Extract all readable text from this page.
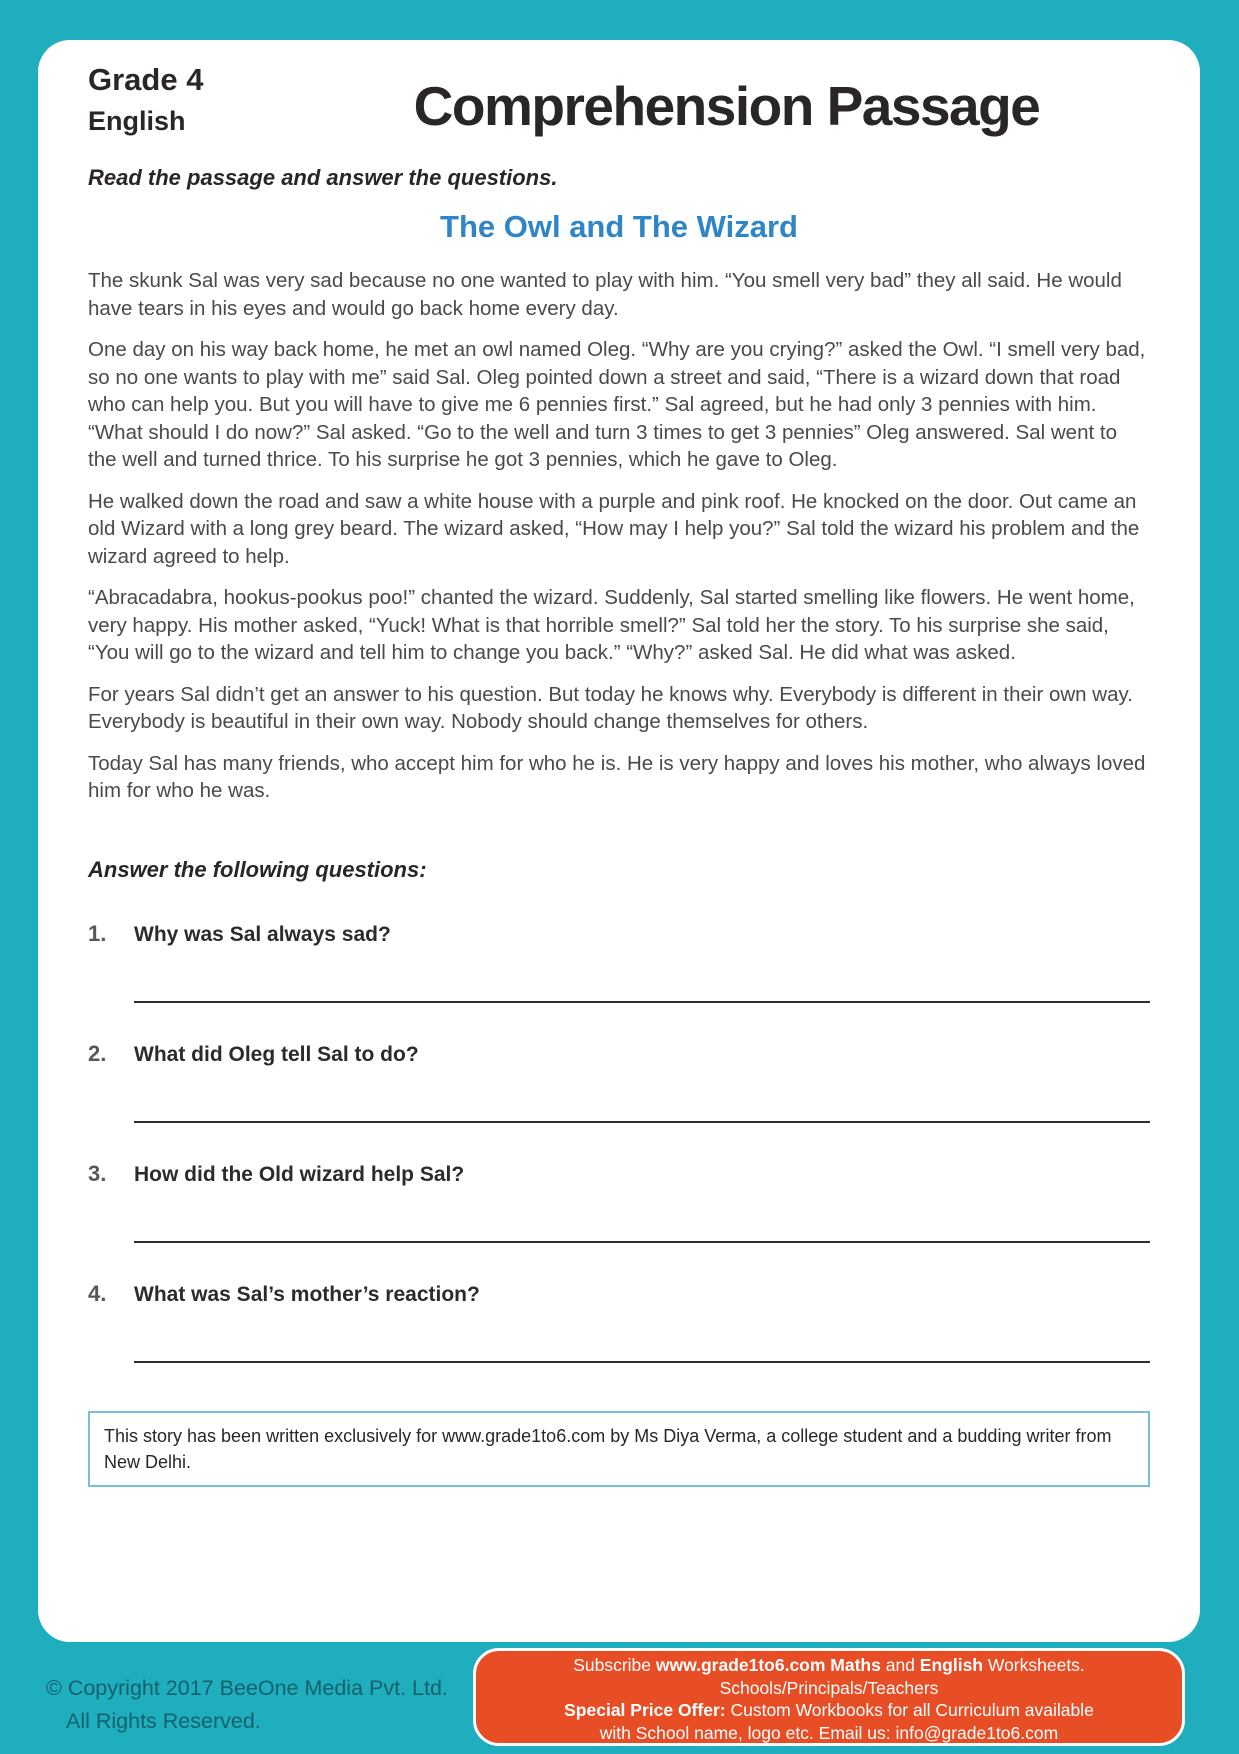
Grade 4
English	Comprehension Passage
Read the passage and answer the questions.
The Owl and The Wizard

The skunk Sal was very sad because no one wanted to play with him. “You smell very bad” they all said. He would have tears in his eyes and would go back home every day.

One day on his way back home, he met an owl named Oleg. “Why are you crying?” asked the Owl. “I smell very bad, so no one wants to play with me” said Sal. Oleg pointed down a street and said, “There is a wizard down that road who can help you. But you will have to give me 6 pennies first.” Sal agreed, but he had only 3 pennies with him. “What should I do now?” Sal asked. “Go to the well and turn 3 times to get 3 pennies” Oleg answered. Sal went to the well and turned thrice. To his surprise he got 3 pennies, which he gave to Oleg.

He walked down the road and saw a white house with a purple and pink roof. He knocked on the door. Out came an old Wizard with a long grey beard. The wizard asked, “How may I help you?” Sal told the wizard his problem and the wizard agreed to help.

“Abracadabra, hookus-pookus poo!” chanted the wizard. Suddenly, Sal started smelling like flowers. He went home, very happy. His mother asked, “Yuck! What is that horrible smell?” Sal told her the story. To his surprise she said, “You will go to the wizard and tell him to change you back.” “Why?” asked Sal. He did what was asked.

For years Sal didn’t get an answer to his question. But today he knows why. Everybody is different in their own way. Everybody is beautiful in their own way. Nobody should change themselves for others.

Today Sal has many friends, who accept him for who he is. He is very happy and loves his mother, who always loved him for who he was.

Answer the following questions:
1.	Why was Sal always sad?
2.	What did Oleg tell Sal to do?
3.	How did the Old wizard help Sal?
4.	What was Sal’s mother’s reaction?
This story has been written exclusively for www.grade1to6.com by Ms Diya Verma, a college student and a budding writer from New Delhi.
© Copyright 2017 BeeOne Media Pvt. Ltd.
All Rights Reserved.
Subscribe www.grade1to6.com Maths and English Worksheets.
Schools/Principals/Teachers
Special Price Offer: Custom Workbooks for all Curriculum available
with School name, logo etc. Email us: info@grade1to6.com
